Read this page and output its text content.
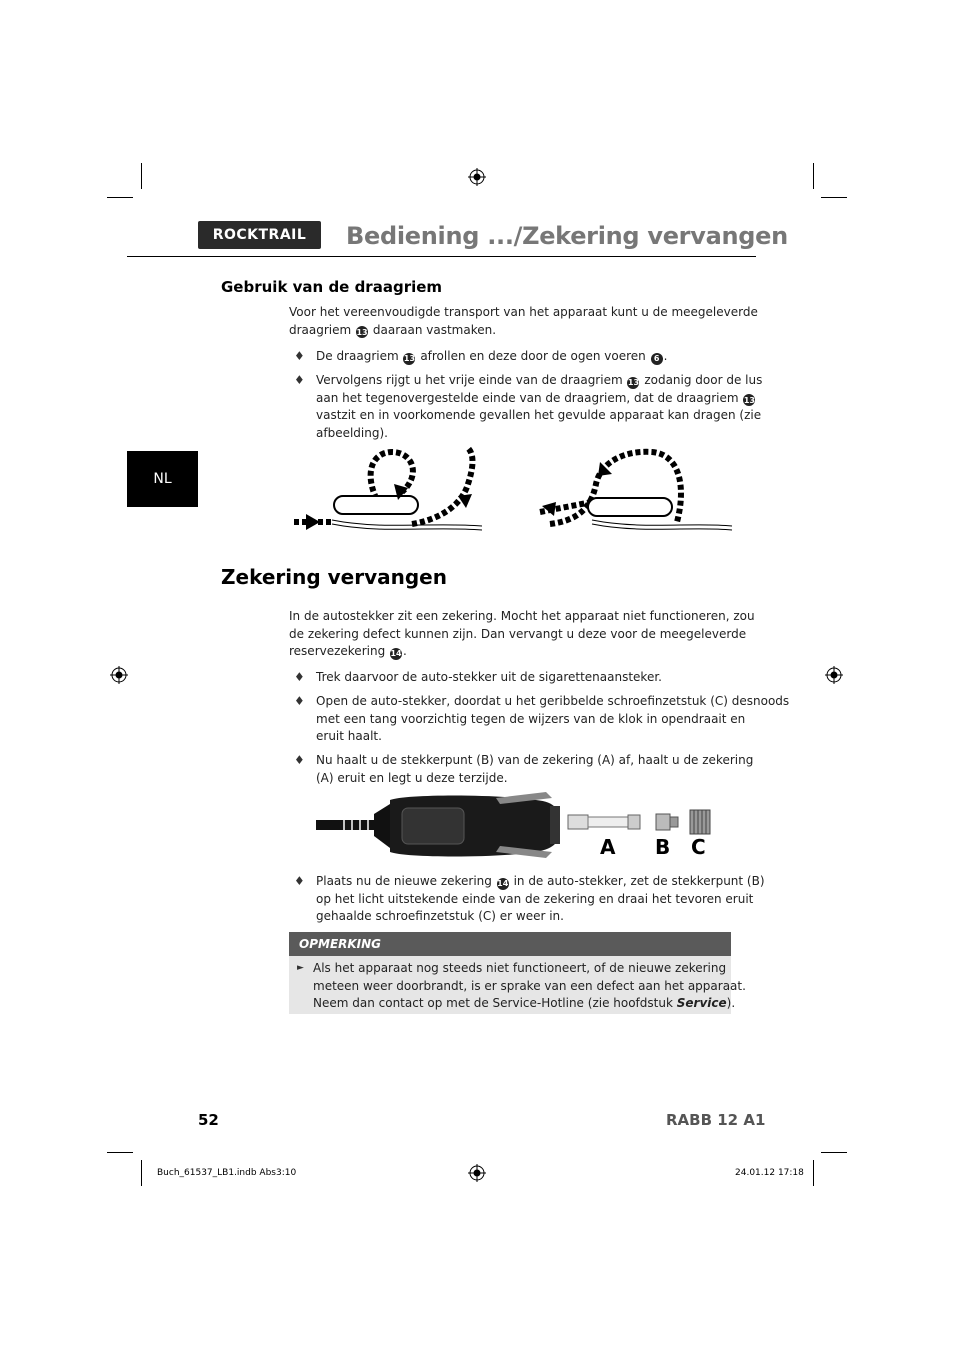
ROCKTRAIL	Bediening .../Zekering vervangen
NL
Gebruik van de draagriem
Voor het vereenvoudigde transport van het apparaat kunt u de meegeleverde
draagriem 13 daaraan vastmaken.
♦ De draagriem 13 afrollen en deze door de ogen voeren 6 .
♦ Vervolgens rijgt u het vrije einde van de draagriem 13 zodanig door de lus
aan het tegenovergestelde einde van de draagriem, dat de draagriem 13
vastzit en in voorkomende gevallen het gevulde apparaat kan dragen (zie
afbeelding).
Zekering vervangen
In de autostekker zit een zekering. Mocht het apparaat niet functioneren, zou
de zekering defect kunnen zijn. Dan vervangt u deze voor de meegeleverde
reservezekering 14.
♦ Trek daarvoor de auto-stekker uit de sigarettenaansteker.
♦ Open de auto-stekker, doordat u het geribbelde schroefinzetstuk (C) desnoods
met een tang voorzichtig tegen de wijzers van de klok in opendraait en
eruit haalt.
♦ Nu haalt u de stekkerpunt (B) van de zekering (A) af, haalt u de zekering
(A) eruit en legt u deze terzijde.
A B C
♦ Plaats nu de nieuwe zekering 14 in de auto-stekker, zet de stekkerpunt (B)
op het licht uitstekende einde van de zekering en draai het tevoren eruit
gehaalde schroefinzetstuk (C) er weer in.
OPMERKING
► Als het apparaat nog steeds niet functioneert, of de nieuwe zekering
meteen weer doorbrandt, is er sprake van een defect aan het apparaat.
Neem dan contact op met de Service-Hotline (zie hoofdstuk Service).
52	RABB 12 A1
Buch_61537_LB1.indb Abs3:10	24.01.12 17:18
